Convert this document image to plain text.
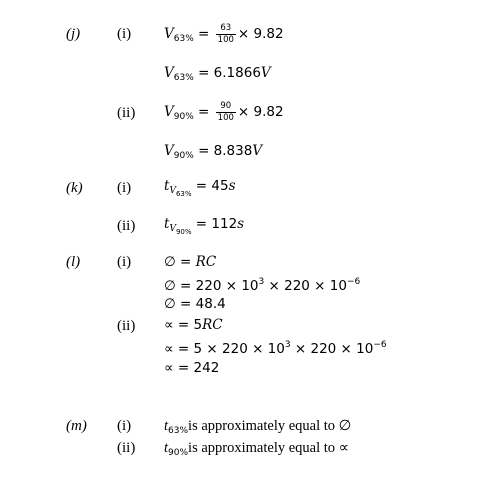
(j) (i) $V_{63\%} = \frac{63}{100} \times 9.82$
$V_{63\%} = 6.1866V$
(ii) $V_{90\%} = \frac{90}{100} \times 9.82$
$V_{90\%} = 8.838V$
(k) (i) $t_{V_{63\%}} = 45s$
(ii) $t_{V_{90\%}} = 112s$
(l) (i) ∅ = RC
∅ = $220 \times 10^3 \times 220 \times 10^{-6}$
∅ = 48.4
(ii) ∝ = 5RC
∝ = $5 \times 220 \times 10^3 \times 220 \times 10^{-6}$
∝ = 242
(m) (i) $t_{63\%}is$ approximately equal to ∅
(ii) $t_{90\%}is$ approximately equal to ∝
